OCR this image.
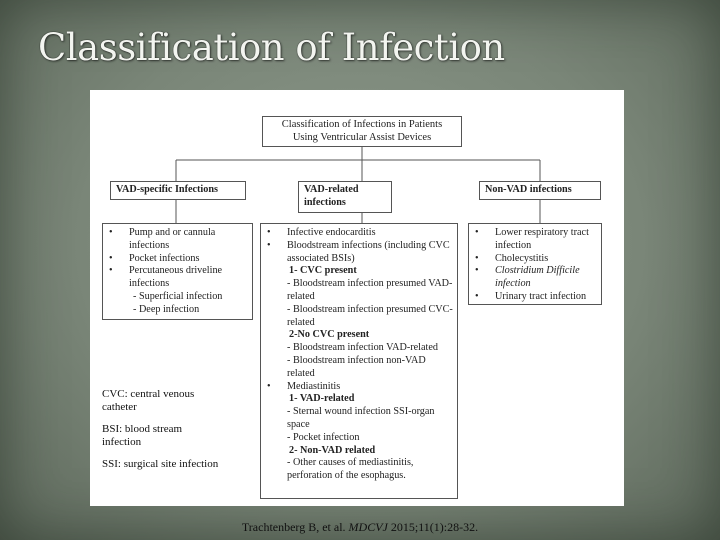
Classification of Infection
Classification of Infections in Patients
Using Ventricular Assist Devices
VAD-specific Infections	VAD-related infections
Non-VAD infections
• Pump and or cannula infections
• Pocket infections
• Percutaneous driveline infections
- Superficial infection
- Deep infection
• Infective endocarditis
• Bloodstream infections (including CVC associated BSIs)
1- CVC present
- Bloodstream infection presumed VAD-related
- Bloodstream infection presumed CVC-related
2-No CVC present
- Bloodstream infection VAD-related
- Bloodstream infection non-VAD related
• Mediastinitis
1- VAD-related
- Sternal wound infection SSI-organ space
- Pocket infection
2- Non-VAD related
- Other causes of mediastinitis, perforation of the esophagus.
• Lower respiratory tract infection
• Cholecystitis
• Clostridium Difficile infection
• Urinary tract infection
CVC: central venous catheter
BSI: blood stream infection
SSI: surgical site infection
Trachtenberg B, et al. MDCVJ 2015;11(1):28-32.
